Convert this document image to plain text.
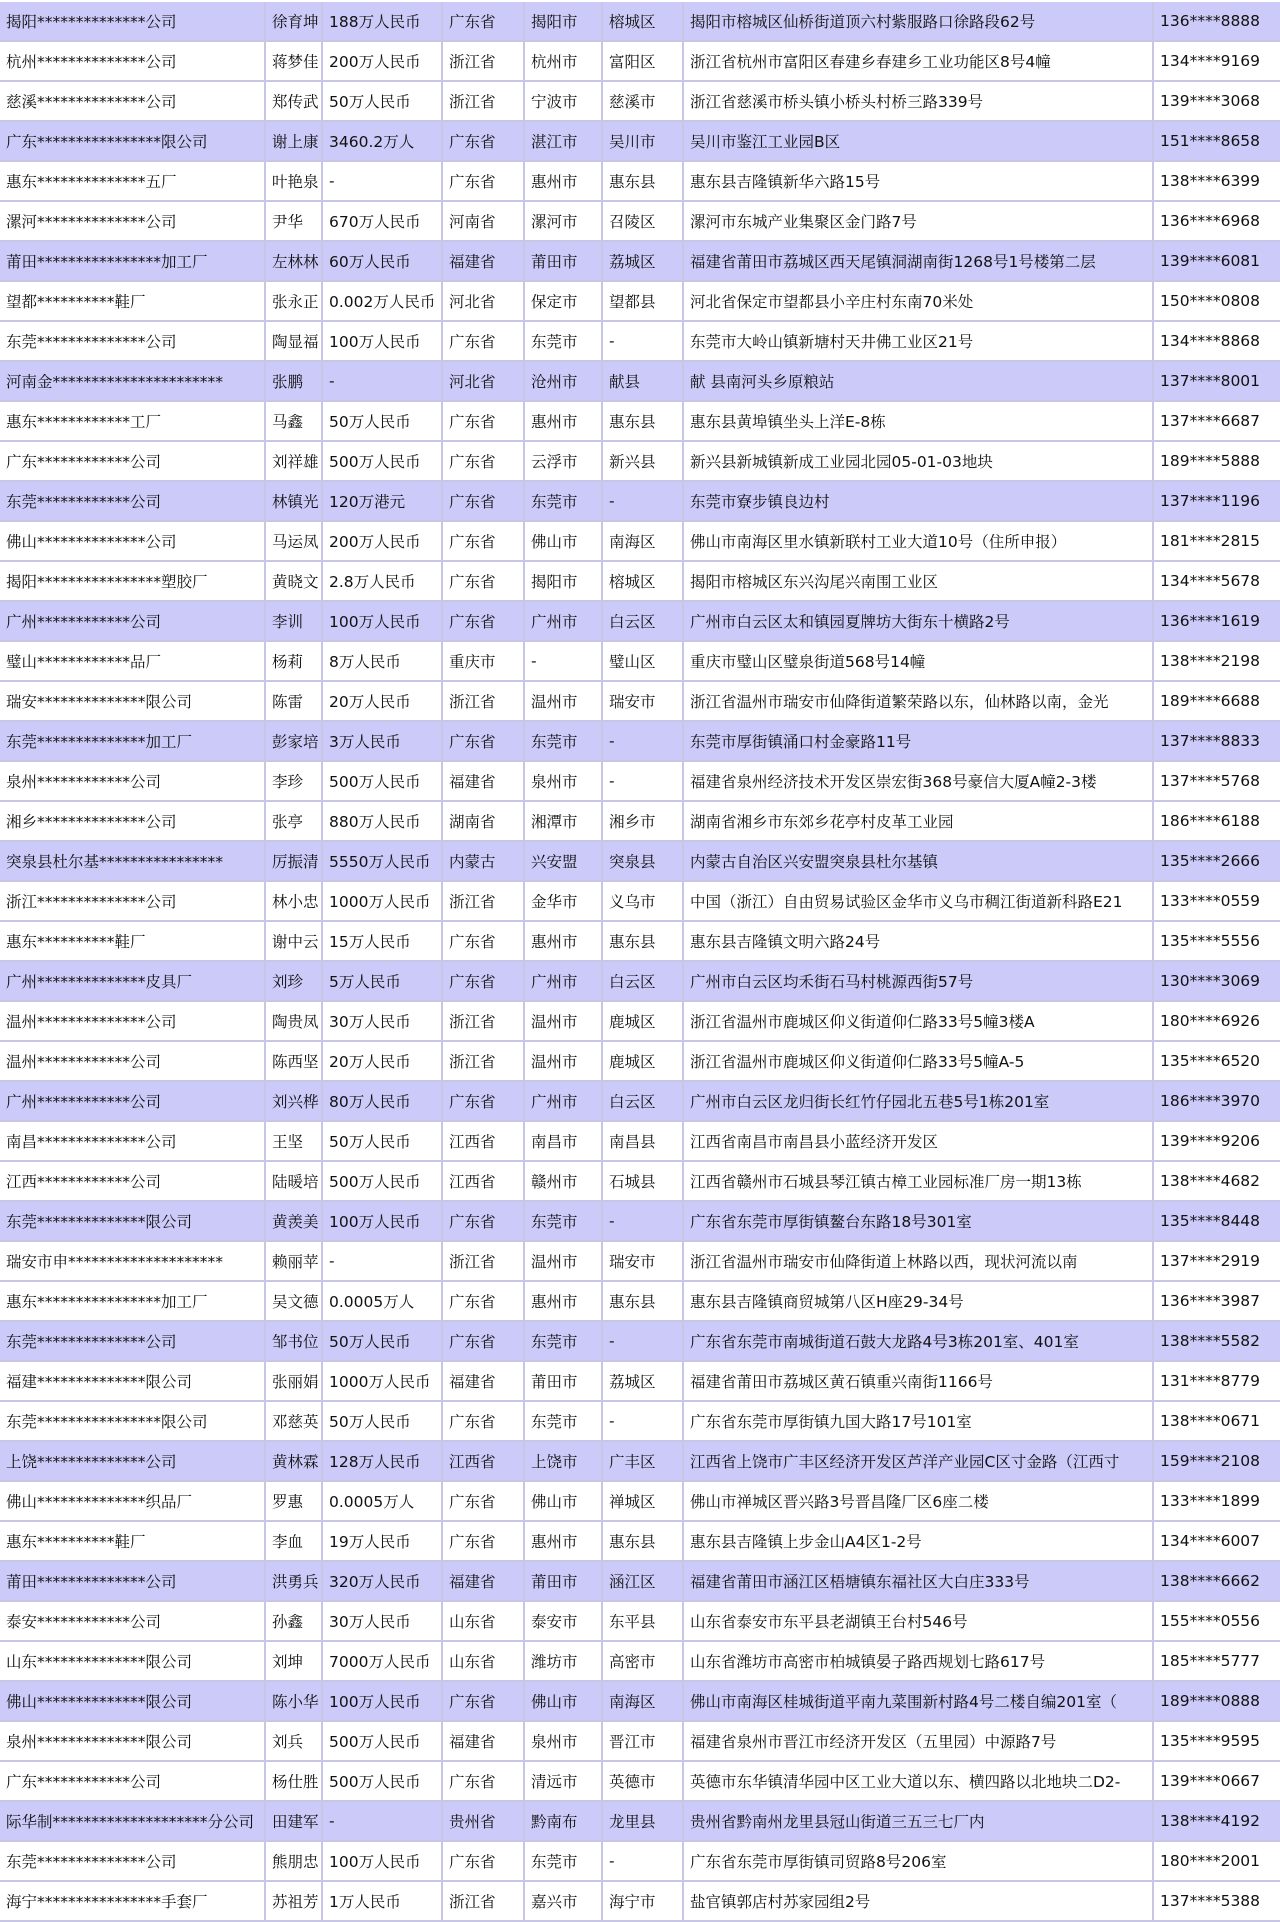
揭阳**************公司	徐育坤 188万人民币	广东省	揭阳市	榕城区	揭阳市榕城区仙桥街道顶六村紫服路口徐路段62号	136****8888
杭州**************公司	蒋梦佳 200万人民币	浙江省	杭州市	富阳区	浙江省杭州市富阳区春建乡春建乡工业功能区8号4幢	134****9169
慈溪**************公司	郑传武 50万人民币	浙江省	宁波市	慈溪市	浙江省慈溪市桥头镇小桥头村桥三路339号	139****3068
广东****************限公司	谢上康 3460.2万人	广东省	湛江市	吴川市	吴川市鉴江工业园B区	151****8658
惠东**************五厂	叶艳泉 -	广东省	惠州市	惠东县	惠东县吉隆镇新华六路15号	138****6399
漯河**************公司	尹华	670万人民币	河南省	漯河市	召陵区	漯河市东城产业集聚区金门路7号	136****6968
莆田****************加工厂	左林林 60万人民币	福建省	莆田市	荔城区	福建省莆田市荔城区西天尾镇洞湖南街1268号1号楼第二层	139****6081
望都**********鞋厂	张永正 0.002万人民币 河北省	保定市	望都县	河北省保定市望都县小辛庄村东南70米处	150****0808
东莞**************公司	陶显福 100万人民币	广东省	东莞市	-	东莞市大岭山镇新塘村天井佛工业区21号	134****8868
河南金**********************	张鹏	-	河北省	沧州市	献县	献 县南河头乡原粮站	137****8001
惠东************工厂	马鑫	50万人民币	广东省	惠州市	惠东县	惠东县黄埠镇坐头上洋E-8栋	137****6687
广东************公司	刘祥雄 500万人民币	广东省	云浮市	新兴县	新兴县新城镇新成工业园北园05-01-03地块	189****5888
东莞************公司	林镇光 120万港元	广东省	东莞市	-	东莞市寮步镇良边村	137****1196
佛山**************公司	马运凤 200万人民币	广东省	佛山市	南海区	佛山市南海区里水镇新联村工业大道10号（住所申报）	181****2815
揭阳****************塑胶厂	黄晓文 2.8万人民币	广东省	揭阳市	榕城区	揭阳市榕城区东兴沟尾兴南围工业区	134****5678
广州************公司	李训	100万人民币	广东省	广州市	白云区	广州市白云区太和镇园夏牌坊大街东十横路2号	136****1619
璧山************品厂	杨莉	8万人民币	重庆市	-	璧山区	重庆市璧山区璧泉街道568号14幢	138****2198
瑞安**************限公司	陈雷	20万人民币	浙江省	温州市	瑞安市	浙江省温州市瑞安市仙降街道繁荣路以东，仙林路以南，金光	189****6688
东莞**************加工厂	彭家培 3万人民币	广东省	东莞市	-	东莞市厚街镇涌口村金豪路11号	137****8833
泉州************公司	李珍	500万人民币	福建省	泉州市	-	福建省泉州经济技术开发区崇宏街368号豪信大厦A幢2-3楼	137****5768
湘乡**************公司	张亭	880万人民币	湖南省	湘潭市	湘乡市	湖南省湘乡市东郊乡花亭村皮革工业园	186****6188
突泉县杜尔基****************	厉振清 5550万人民币	内蒙古	兴安盟	突泉县	内蒙古自治区兴安盟突泉县杜尔基镇	135****2666
浙江**************公司	林小忠 1000万人民币	浙江省	金华市	义乌市	中国（浙江）自由贸易试验区金华市义乌市稠江街道新科路E21	133****0559
惠东**********鞋厂	谢中云 15万人民币	广东省	惠州市	惠东县	惠东县吉隆镇文明六路24号	135****5556
广州**************皮具厂	刘珍	5万人民币	广东省	广州市	白云区	广州市白云区均禾街石马村桃源西街57号	130****3069
温州**************公司	陶贵凤 30万人民币	浙江省	温州市	鹿城区	浙江省温州市鹿城区仰义街道仰仁路33号5幢3楼A	180****6926
温州************公司	陈西坚 20万人民币	浙江省	温州市	鹿城区	浙江省温州市鹿城区仰义街道仰仁路33号5幢A-5	135****6520
广州************公司	刘兴桦 80万人民币	广东省	广州市	白云区	广州市白云区龙归街长红竹仔园北五巷5号1栋201室	186****3970
南昌**************公司	王坚	50万人民币	江西省	南昌市	南昌县	江西省南昌市南昌县小蓝经济开发区	139****9206
江西************公司	陆暖培 500万人民币	江西省	赣州市	石城县	江西省赣州市石城县琴江镇古樟工业园标准厂房一期13栋	138****4682
东莞**************限公司	黄羡美 100万人民币	广东省	东莞市	-	广东省东莞市厚街镇鳌台东路18号301室	135****8448
瑞安市申********************	赖丽苹 -	浙江省	温州市	瑞安市	浙江省温州市瑞安市仙降街道上林路以西，现状河流以南	137****2919
惠东****************加工厂	吴文德 0.0005万人	广东省	惠州市	惠东县	惠东县吉隆镇商贸城第八区H座29-34号	136****3987
东莞**************公司	邹书位 50万人民币	广东省	东莞市	-	广东省东莞市南城街道石鼓大龙路4号3栋201室、401室	138****5582
福建**************限公司	张丽娟 1000万人民币	福建省	莆田市	荔城区	福建省莆田市荔城区黄石镇重兴南街1166号	131****8779
东莞****************限公司	邓慈英 50万人民币	广东省	东莞市	-	广东省东莞市厚街镇九国大路17号101室	138****0671
上饶**************公司	黄林霖 128万人民币	江西省	上饶市	广丰区	江西省上饶市广丰区经济开发区芦洋产业园C区寸金路（江西寸	159****2108
佛山**************织品厂	罗惠	0.0005万人	广东省	佛山市	禅城区	佛山市禅城区晋兴路3号晋昌隆厂区6座二楼	133****1899
惠东**********鞋厂	李血	19万人民币	广东省	惠州市	惠东县	惠东县吉隆镇上步金山A4区1-2号	134****6007
莆田**************公司	洪勇兵 320万人民币	福建省	莆田市	涵江区	福建省莆田市涵江区梧塘镇东福社区大白庄333号	138****6662
泰安************公司	孙鑫	30万人民币	山东省	泰安市	东平县	山东省泰安市东平县老湖镇王台村546号	155****0556
山东**************限公司	刘坤	7000万人民币	山东省	潍坊市	高密市	山东省潍坊市高密市柏城镇晏子路西规划七路617号	185****5777
佛山**************限公司	陈小华 100万人民币	广东省	佛山市	南海区	佛山市南海区桂城街道平南九菜围新村路4号二楼自编201室（	189****0888
泉州**************限公司	刘兵	500万人民币	福建省	泉州市	晋江市	福建省泉州市晋江市经济开发区（五里园）中源路7号	135****9595
广东************公司	杨仕胜 500万人民币	广东省	清远市	英德市	英德市东华镇清华园中区工业大道以东、横四路以北地块二D2-	139****0667
际华制********************分公司	田建军 -	贵州省	黔南布	龙里县	贵州省黔南州龙里县冠山街道三五三七厂内	138****4192
东莞**************公司	熊朋忠 100万人民币	广东省	东莞市	-	广东省东莞市厚街镇司贸路8号206室	180****2001
海宁****************手套厂	苏祖芳 1万人民币	浙江省	嘉兴市	海宁市	盐官镇郭店村苏家园组2号	137****5388
